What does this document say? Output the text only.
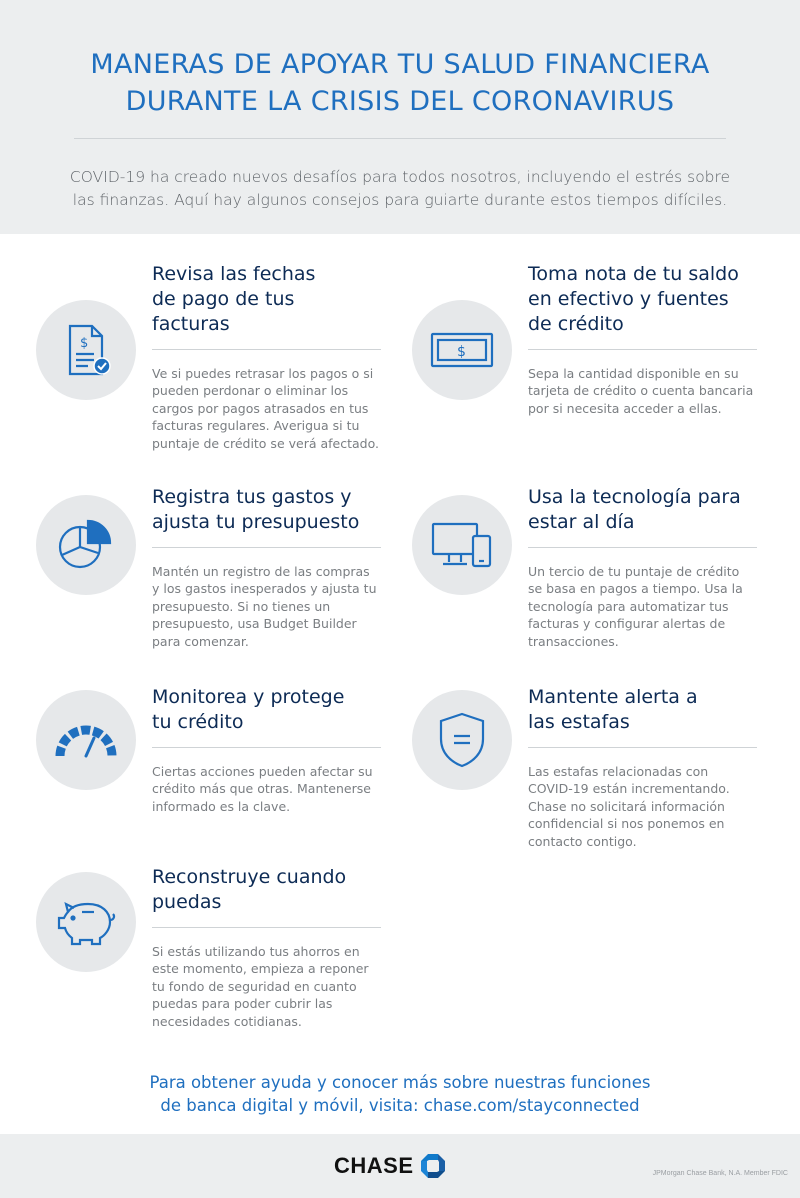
MANERAS DE APOYAR TU SALUD FINANCIERA
DURANTE LA CRISIS DEL CORONAVIRUS

COVID-19 ha creado nuevos desafíos para todos nosotros, incluyendo el estrés sobre
las finanzas. Aquí hay algunos consejos para guiarte durante estos tiempos difíciles.

$
Revisa las fechas
de pago de tus
facturas
Ve si puedes retrasar los pagos o si
pueden perdonar o eliminar los
cargos por pagos atrasados en tus
facturas regulares. Averigua si tu
puntaje de crédito se verá afectado.
$
Toma nota de tu saldo
en efectivo y fuentes
de crédito
Sepa la cantidad disponible en su
tarjeta de crédito o cuenta bancaria
por si necesita acceder a ellas.
Registra tus gastos y
ajusta tu presupuesto
Mantén un registro de las compras
y los gastos inesperados y ajusta tu
presupuesto. Si no tienes un
presupuesto, usa Budget Builder
para comenzar.
Usa la tecnología para
estar al día
Un tercio de tu puntaje de crédito
se basa en pagos a tiempo. Usa la
tecnología para automatizar tus
facturas y configurar alertas de
transacciones.
Monitorea y protege
tu crédito
Ciertas acciones pueden afectar su
crédito más que otras. Mantenerse
informado es la clave.
Mantente alerta a
las estafas
Las estafas relacionadas con
COVID-19 están incrementando.
Chase no solicitará información
confidencial si nos ponemos en
contacto contigo.
Reconstruye cuando
puedas
Si estás utilizando tus ahorros en
este momento, empieza a reponer
tu fondo de seguridad en cuanto
puedas para poder cubrir las
necesidades cotidianas.

Para obtener ayuda y conocer más sobre nuestras funciones
de banca digital y móvil, visita: chase.com/stayconnected

CHASE	JPMorgan Chase Bank, N.A. Member FDIC
